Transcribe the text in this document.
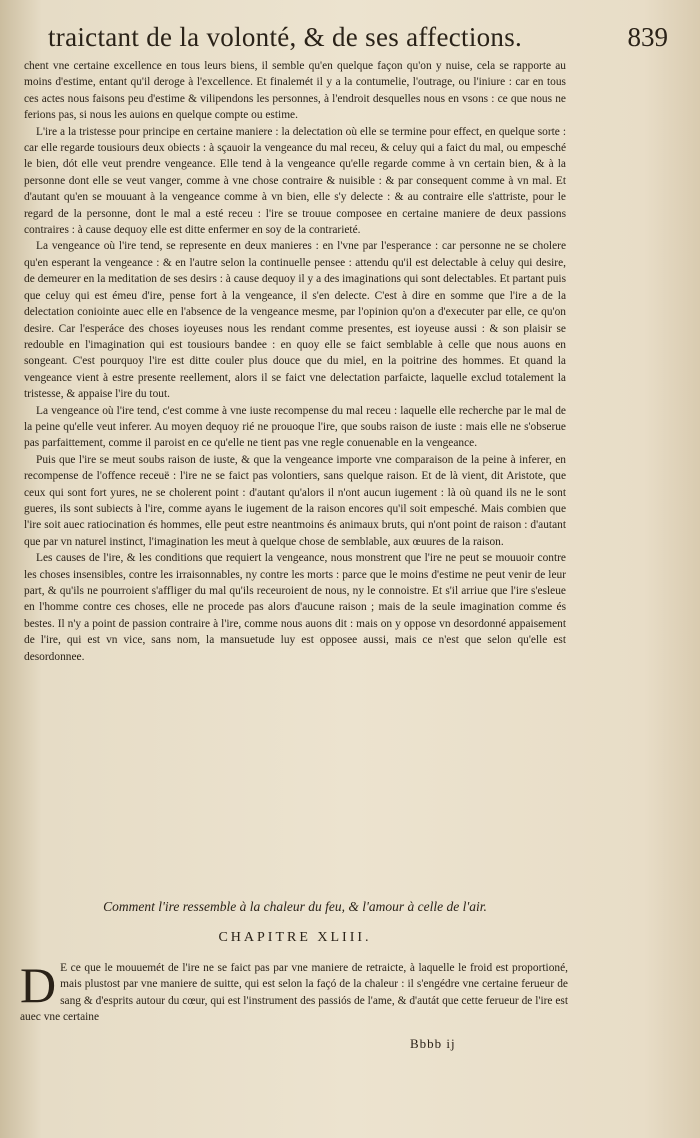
traictant de la volonté, & de ses affections.	839

chent vne certaine excellence en tous leurs biens, il semble qu'en quelque façon qu'on y nuise, cela se rapporte au moins d'estime, entant qu'il deroge à l'excellence. Et finalemét il y a la contumelie, l'outrage, ou l'iniure : car en tous ces actes nous faisons peu d'estime & vilipendons les personnes, à l'endroit desquelles nous en vsons : ce que nous ne ferions pas, si nous les auions en quelque compte ou estime.

L'ire a la tristesse pour principe en certaine maniere : la delectation où elle se termine pour effect, en quelque sorte : car elle regarde tousiours deux obiects : à sçauoir la vengeance du mal receu, & celuy qui a faict du mal, ou empesché le bien, dót elle veut prendre vengeance. Elle tend à la vengeance qu'elle regarde comme à vn certain bien, & à la personne dont elle se veut vanger, comme à vne chose contraire & nuisible : & par consequent comme à vn mal. Et d'autant qu'en se mouuant à la vengeance comme à vn bien, elle s'y delecte : & au contraire elle s'attriste, pour le regard de la personne, dont le mal a esté receu : l'ire se trouue composee en certaine maniere de deux passions contraires : à cause dequoy elle est ditte enfermer en soy de la contrarieté.

La vengeance où l'ire tend, se represente en deux manieres : en l'vne par l'esperance : car personne ne se cholere qu'en esperant la vengeance : & en l'autre selon la continuelle pensee : attendu qu'il est delectable à celuy qui desire, de demeurer en la meditation de ses desirs : à cause dequoy il y a des imaginations qui sont delectables. Et partant puis que celuy qui est émeu d'ire, pense fort à la vengeance, il s'en delecte. C'est à dire en somme que l'ire a de la delectation coniointe auec elle en l'absence de la vengeance mesme, par l'opinion qu'on a d'executer par elle, ce qu'on desire. Car l'esperáce des choses ioyeuses nous les rendant comme presentes, est ioyeuse aussi : & son plaisir se redouble en l'imagination qui est tousiours bandee : en quoy elle se faict semblable à celle que nous auons en songeant. C'est pourquoy l'ire est ditte couler plus douce que du miel, en la poitrine des hommes. Et quand la vengeance vient à estre presente reellement, alors il se faict vne delectation parfaicte, laquelle exclud totalement la tristesse, & appaise l'ire du tout.

La vengeance où l'ire tend, c'est comme à vne iuste recompense du mal receu : laquelle elle recherche par le mal de la peine qu'elle veut inferer. Au moyen dequoy rié ne prouoque l'ire, que soubs raison de iuste : mais elle ne s'obserue pas parfaittement, comme il paroist en ce qu'elle ne tient pas vne regle conuenable en la vengeance.

Puis que l'ire se meut soubs raison de iuste, & que la vengeance importe vne comparaison de la peine à inferer, en recompense de l'offence receuë : l'ire ne se faict pas volontiers, sans quelque raison. Et de là vient, dit Aristote, que ceux qui sont fort yures, ne se cholerent point : d'autant qu'alors il n'ont aucun iugement : là où quand ils ne le sont gueres, ils sont subiects à l'ire, comme ayans le iugement de la raison encores qu'il soit empesché. Mais combien que l'ire soit auec ratiocination és hommes, elle peut estre neantmoins és animaux bruts, qui n'ont point de raison : d'autant que par vn naturel instinct, l'imagination les meut à quelque chose de semblable, aux œuures de la raison.

Les causes de l'ire, & les conditions que requiert la vengeance, nous monstrent que l'ire ne peut se mouuoir contre les choses insensibles, contre les irraisonnables, ny contre les morts : parce que le moins d'estime ne peut venir de leur part, & qu'ils ne pourroient s'affliger du mal qu'ils receuroient de nous, ny le connoistre. Et s'il arriue que l'ire s'esleue en l'homme contre ces choses, elle ne procede pas alors d'aucune raison ; mais de la seule imagination comme és bestes. Il n'y a point de passion contraire à l'ire, comme nous auons dit : mais on y oppose vn desordonné appaisement de l'ire, qui est vn vice, sans nom, la mansuetude luy est opposee aussi, mais ce n'est que selon qu'elle est desordonnee.

Comment l'ire ressemble à la chaleur du feu, & l'amour à celle de l'air.
CHAPITRE XLIII.
D E ce que le mouuemét de l'ire ne se faict pas par vne maniere de retraicte, à laquelle le froid est proportioné, mais plustost par vne maniere de suitte, qui est selon la façó de la chaleur : il s'engédre vne certaine ferueur de sang & d'esprits autour du cœur, qui est l'instrument des passiós de l'ame, & d'autát que cette ferueur de l'ire est auec vne certaine
Bbbb ij
